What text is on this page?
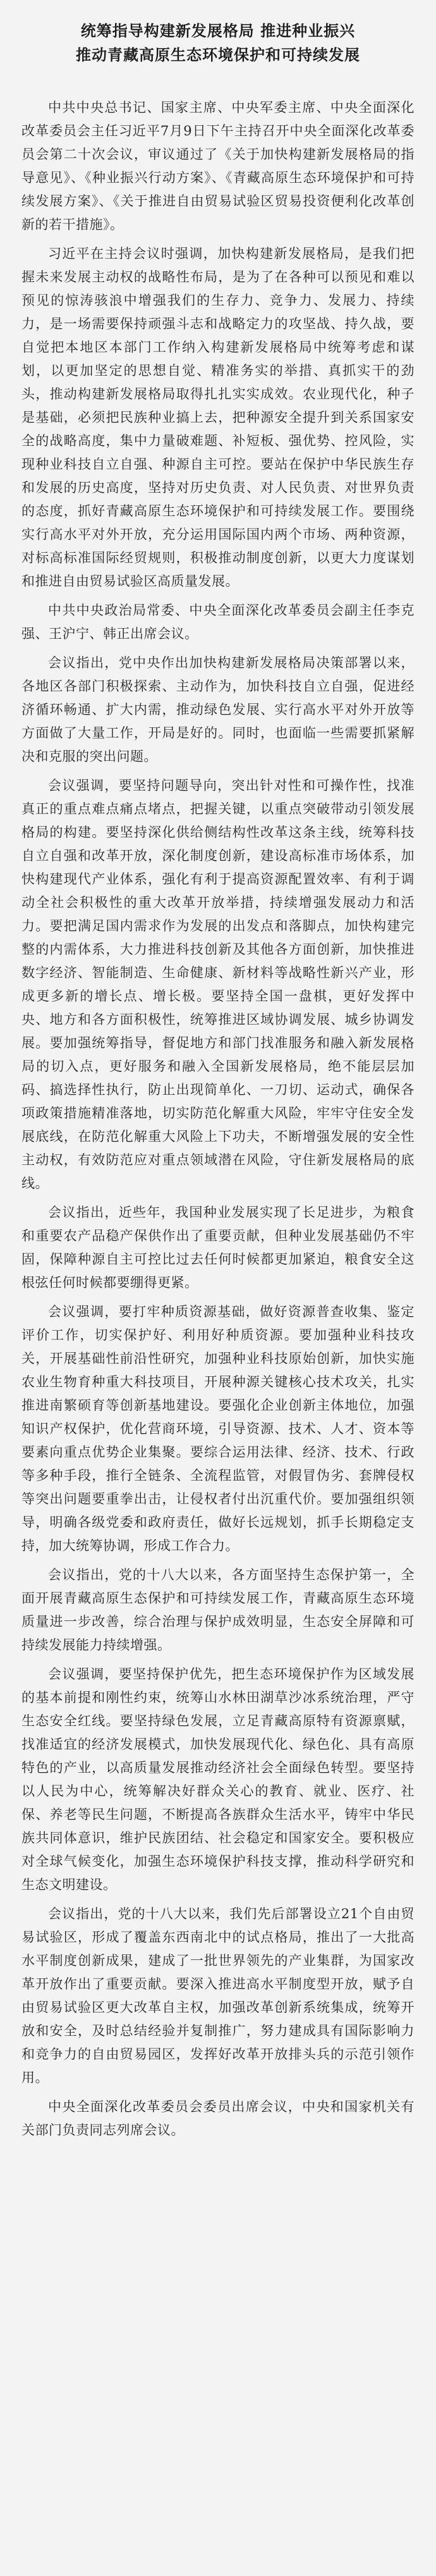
统筹指导构建新发展格局 推进种业振兴

推动青藏高原生态环境保护和可持续发展

中共中央总书记、国家主席、中央军委主席、中央全面深化改革委员会主任习近平7月9日下午主持召开中央全面深化改革委员会第二十次会议，审议通过了《关于加快构建新发展格局的指导意见》、《种业振兴行动方案》、《青藏高原生态环境保护和可持续发展方案》、《关于推进自由贸易试验区贸易投资便利化改革创新的若干措施》。

习近平在主持会议时强调，加快构建新发展格局，是我们把握未来发展主动权的战略性布局，是为了在各种可以预见和难以预见的惊涛骇浪中增强我们的生存力、竞争力、发展力、持续力，是一场需要保持顽强斗志和战略定力的攻坚战、持久战，要自觉把本地区本部门工作纳入构建新发展格局中统筹考虑和谋划，以更加坚定的思想自觉、精准务实的举措、真抓实干的劲头，推动构建新发展格局取得扎扎实实成效。农业现代化，种子是基础，必须把民族种业搞上去，把种源安全提升到关系国家安全的战略高度，集中力量破难题、补短板、强优势、控风险，实现种业科技自立自强、种源自主可控。要站在保护中华民族生存和发展的历史高度，坚持对历史负责、对人民负责、对世界负责的态度，抓好青藏高原生态环境保护和可持续发展工作。要围绕实行高水平对外开放，充分运用国际国内两个市场、两种资源，对标高标准国际经贸规则，积极推动制度创新，以更大力度谋划和推进自由贸易试验区高质量发展。

中共中央政治局常委、中央全面深化改革委员会副主任李克强、王沪宁、韩正出席会议。

会议指出，党中央作出加快构建新发展格局决策部署以来，各地区各部门积极探索、主动作为，加快科技自立自强，促进经济循环畅通、扩大内需，推动绿色发展、实行高水平对外开放等方面做了大量工作，开局是好的。同时，也面临一些需要抓紧解决和克服的突出问题。

会议强调，要坚持问题导向，突出针对性和可操作性，找准真正的重点难点痛点堵点，把握关键，以重点突破带动引领发展格局的构建。要坚持深化供给侧结构性改革这条主线，统筹科技自立自强和改革开放，深化制度创新，建设高标准市场体系，加快构建现代产业体系，强化有利于提高资源配置效率、有利于调动全社会积极性的重大改革开放举措，持续增强发展动力和活力。要把满足国内需求作为发展的出发点和落脚点，加快构建完整的内需体系，大力推进科技创新及其他各方面创新，加快推进数字经济、智能制造、生命健康、新材料等战略性新兴产业，形成更多新的增长点、增长极。要坚持全国一盘棋，更好发挥中央、地方和各方面积极性，统筹推进区域协调发展、城乡协调发展。要加强统筹指导，督促地方和部门找准服务和融入新发展格局的切入点，更好服务和融入全国新发展格局，绝不能层层加码、搞选择性执行，防止出现简单化、一刀切、运动式，确保各项政策措施精准落地，切实防范化解重大风险，牢牢守住安全发展底线，在防范化解重大风险上下功夫，不断增强发展的安全性主动权，有效防范应对重点领域潜在风险，守住新发展格局的底线。

会议指出，近些年，我国种业发展实现了长足进步，为粮食和重要农产品稳产保供作出了重要贡献，但种业发展基础仍不牢固，保障种源自主可控比过去任何时候都更加紧迫，粮食安全这根弦任何时候都要绷得更紧。

会议强调，要打牢种质资源基础，做好资源普查收集、鉴定评价工作，切实保护好、利用好种质资源。要加强种业科技攻关，开展基础性前沿性研究，加强种业科技原始创新，加快实施农业生物育种重大科技项目，开展种源关键核心技术攻关，扎实推进南繁硕育等创新基地建设。要强化企业创新主体地位，加强知识产权保护，优化营商环境，引导资源、技术、人才、资本等要素向重点优势企业集聚。要综合运用法律、经济、技术、行政等多种手段，推行全链条、全流程监管，对假冒伪劣、套牌侵权等突出问题要重拳出击，让侵权者付出沉重代价。要加强组织领导，明确各级党委和政府责任，做好长远规划，抓手长期稳定支持，加大统筹协调，形成工作合力。

会议指出，党的十八大以来，各方面坚持生态保护第一，全面开展青藏高原生态保护和可持续发展工作，青藏高原生态环境质量进一步改善，综合治理与保护成效明显，生态安全屏障和可持续发展能力持续增强。

会议强调，要坚持保护优先，把生态环境保护作为区域发展的基本前提和刚性约束，统筹山水林田湖草沙冰系统治理，严守生态安全红线。要坚持绿色发展，立足青藏高原特有资源禀赋，找准适宜的经济发展模式，加快发展现代化、绿色化、具有高原特色的产业，以高质量发展推动经济社会全面绿色转型。要坚持以人民为中心，统筹解决好群众关心的教育、就业、医疗、社保、养老等民生问题，不断提高各族群众生活水平，铸牢中华民族共同体意识，维护民族团结、社会稳定和国家安全。要积极应对全球气候变化，加强生态环境保护科技支撑，推动科学研究和生态文明建设。

会议指出，党的十八大以来，我们先后部署设立21个自由贸易试验区，形成了覆盖东西南北中的试点格局，推出了一大批高水平制度创新成果，建成了一批世界领先的产业集群，为国家改革开放作出了重要贡献。要深入推进高水平制度型开放，赋予自由贸易试验区更大改革自主权，加强改革创新系统集成，统筹开放和安全，及时总结经验并复制推广，努力建成具有国际影响力和竞争力的自由贸易园区，发挥好改革开放排头兵的示范引领作用。

中央全面深化改革委员会委员出席会议，中央和国家机关有关部门负责同志列席会议。
